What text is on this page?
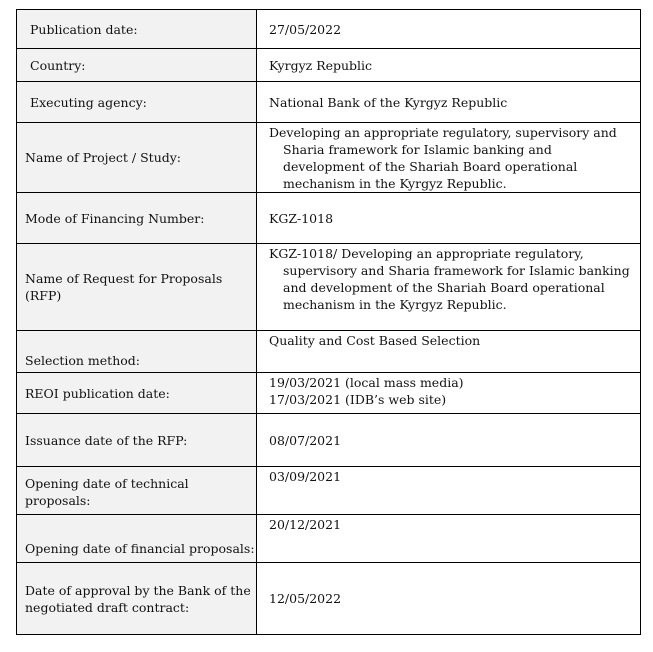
Publication date:	27/05/2022
Country:	Kyrgyz Republic
Executing agency:	National Bank of the Kyrgyz Republic
Name of Project / Study:	Developing an appropriate regulatory, supervisory and Sharia framework for Islamic banking and development of the Shariah Board operational mechanism in the Kyrgyz Republic.

Mode of Financing Number:	KGZ-1018
Name of Request for Proposals (RFP)	KGZ-1018/ Developing an appropriate regulatory, supervisory and Sharia framework for Islamic banking and development of the Shariah Board operational mechanism in the Kyrgyz Republic.

Selection method:	Quality and Cost Based Selection
REOI publication date:	19/03/2021 (local mass media)
17/03/2021 (IDB’s web site)

Issuance date of the RFP:	08/07/2021
Opening date of technical proposals:	03/09/2021
Opening date of financial proposals:	20/12/2021
Date of approval by the Bank of the negotiated draft contract:	12/05/2022
